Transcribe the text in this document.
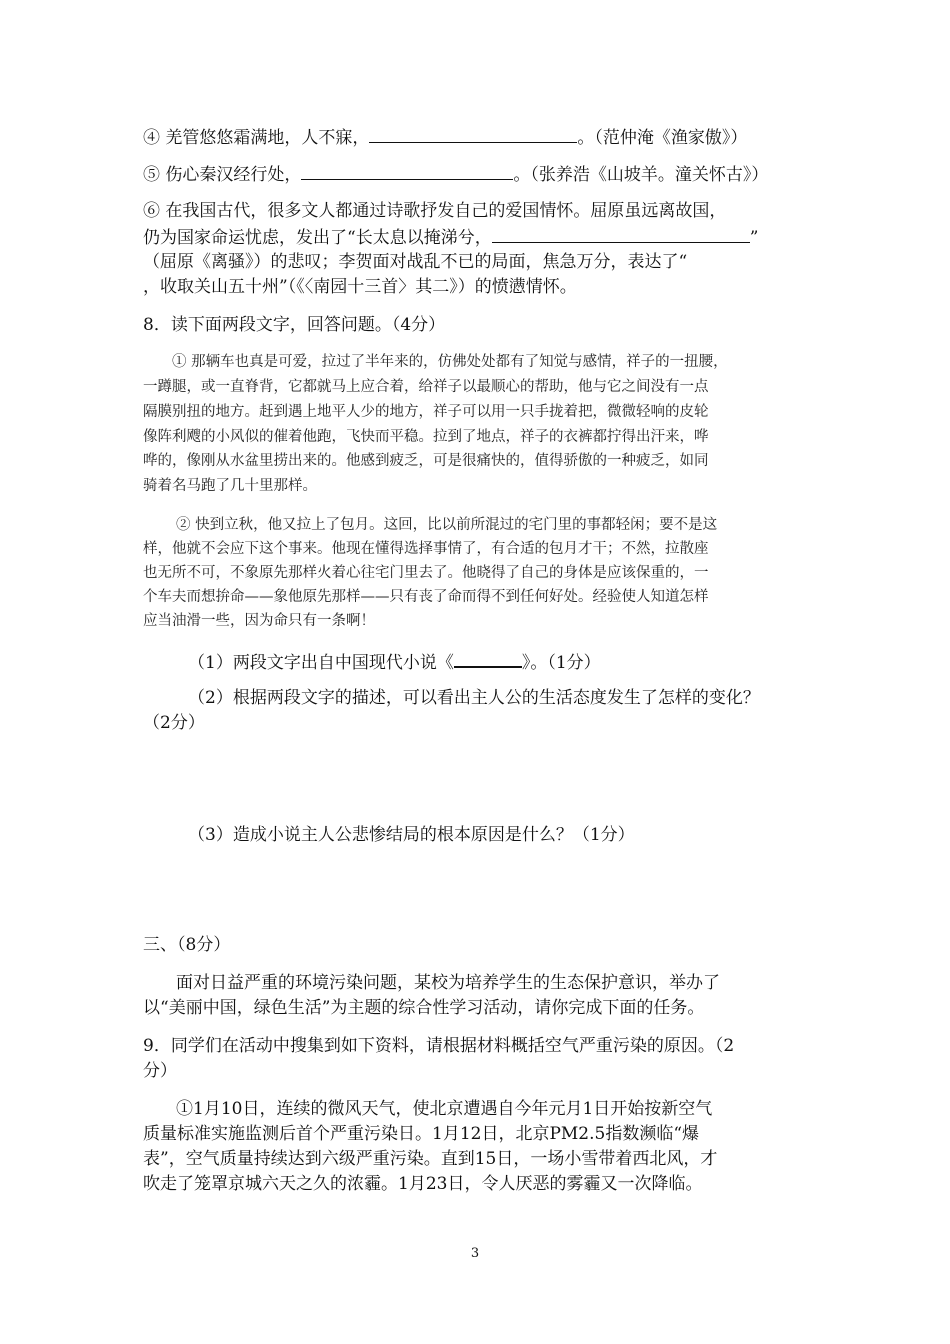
④ 羌管悠悠霜满地，人不寐，	。（范仲淹《渔家傲》）
⑤ 伤心秦汉经行处，	。（张养浩《山坡羊。潼关怀古》）
⑥ 在我国古代，很多文人都通过诗歌抒发自己的爱国情怀。屈原虽远离故国，
仍为国家命运忧虑，发出了“长太息以掩涕兮，	”
（屈原《离骚》）的悲叹；李贺面对战乱不已的局面，焦急万分，表达了“
，收取关山五十州”（《〈南园十三首〉其二》）的愤懑情怀。
8．读下面两段文字，回答问题。（4分）
① 那辆车也真是可爱，拉过了半年来的，仿佛处处都有了知觉与感情，祥子的一扭腰，
一蹲腿，或一直脊背，它都就马上应合着，给祥子以最顺心的帮助，他与它之间没有一点
隔膜别扭的地方。赶到遇上地平人少的地方，祥子可以用一只手拢着把，微微轻响的皮轮
像阵利飕的小风似的催着他跑，飞快而平稳。拉到了地点，祥子的衣裤都拧得出汗来，哗
哗的，像刚从水盆里捞出来的。他感到疲乏，可是很痛快的，值得骄傲的一种疲乏，如同
骑着名马跑了几十里那样。
② 快到立秋，他又拉上了包月。这回，比以前所混过的宅门里的事都轻闲；要不是这
样，他就不会应下这个事来。他现在懂得选择事情了，有合适的包月才干；不然，拉散座
也无所不可，不象原先那样火着心往宅门里去了。他晓得了自己的身体是应该保重的，一
个车夫而想拚命——象他原先那样——只有丧了命而得不到任何好处。经验使人知道怎样
应当油滑一些，因为命只有一条啊！
（1）两段文字出自中国现代小说《	》。（1分）
（2）根据两段文字的描述，可以看出主人公的生活态度发生了怎样的变化？
（2分）
（3）造成小说主人公悲惨结局的根本原因是什么？（1分）
三、（8分）
面对日益严重的环境污染问题，某校为培养学生的生态保护意识，举办了
以“美丽中国，绿色生活”为主题的综合性学习活动，请你完成下面的任务。
9．同学们在活动中搜集到如下资料，请根据材料概括空气严重污染的原因。（2
分）
①1月10日，连续的微风天气，使北京遭遇自今年元月1日开始按新空气
质量标准实施监测后首个严重污染日。1月12日，北京PM2.5指数濒临“爆
表”，空气质量持续达到六级严重污染。直到15日，一场小雪带着西北风，才
吹走了笼罩京城六天之久的浓霾。1月23日，令人厌恶的雾霾又一次降临。
3
